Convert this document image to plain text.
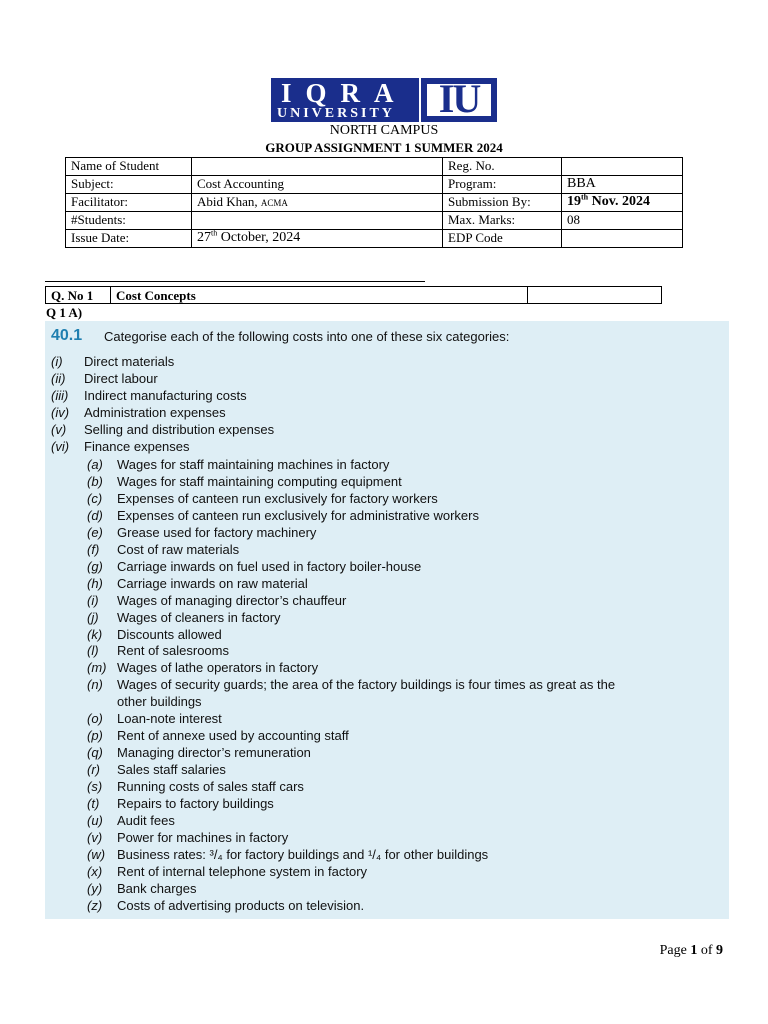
IQRA
UNIVERSITY	IU
NORTH CAMPUS
GROUP ASSIGNMENT 1 SUMMER 2024
Name of Student		Reg. No.	
Subject:	Cost Accounting	Program:	BBA
Facilitator:	Abid Khan, ACMA	Submission By:	19th Nov. 2024
#Students:		Max. Marks:	08
Issue Date:	27th October, 2024	EDP Code	
Q. No 1	Cost Concepts	
Q 1 A)
40.1 Categorise each of the following costs into one of these six categories:
(i) Direct materials
(ii) Direct labour
(iii) Indirect manufacturing costs
(iv) Administration expenses
(v) Selling and distribution expenses
(vi) Finance expenses
(a) Wages for staff maintaining machines in factory
(b) Wages for staff maintaining computing equipment
(c) Expenses of canteen run exclusively for factory workers
(d) Expenses of canteen run exclusively for administrative workers
(e) Grease used for factory machinery
(f) Cost of raw materials
(g) Carriage inwards on fuel used in factory boiler-house
(h) Carriage inwards on raw material
(i) Wages of managing director’s chauffeur
(j) Wages of cleaners in factory
(k) Discounts allowed
(l) Rent of salesrooms
(m) Wages of lathe operators in factory
(n) Wages of security guards; the area of the factory buildings is four times as great as the
other buildings
(o) Loan-note interest
(p) Rent of annexe used by accounting staff
(q) Managing director’s remuneration
(r) Sales staff salaries
(s) Running costs of sales staff cars
(t) Repairs to factory buildings
(u) Audit fees
(v) Power for machines in factory
(w) Business rates: ³/₄ for factory buildings and ¹/₄ for other buildings
(x) Rent of internal telephone system in factory
(y) Bank charges
(z) Costs of advertising products on television.
Page 1 of 9
